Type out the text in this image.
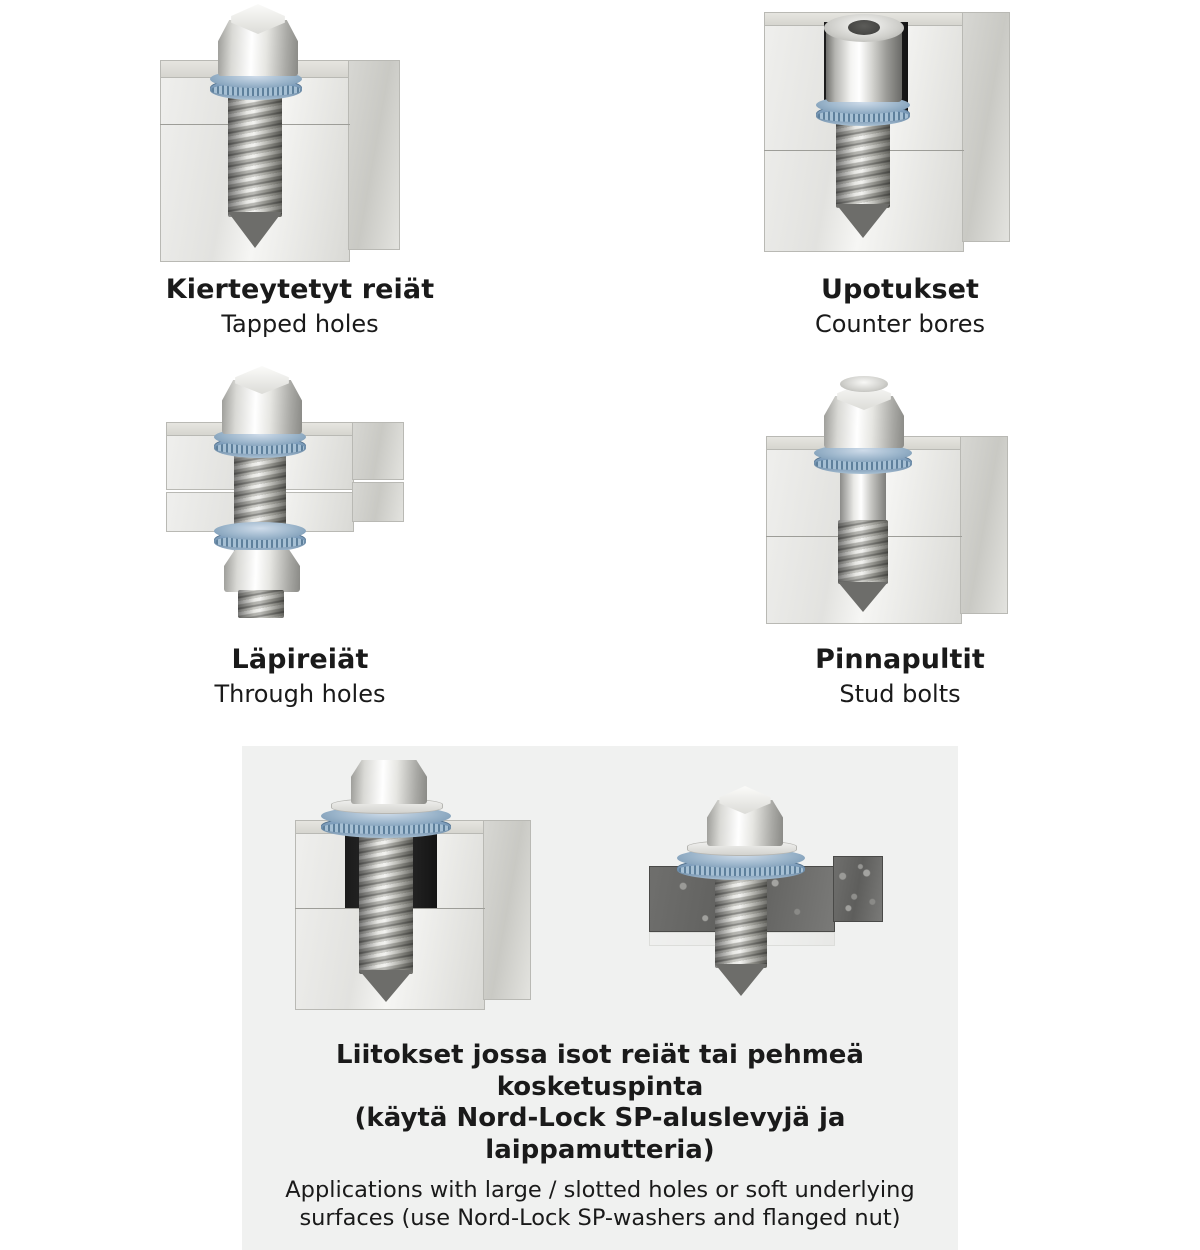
Kierteytetyt reiät
Tapped holes
Upotukset
Counter bores
Läpireiät
Through holes
Pinnapultit
Stud bolts
Liitokset jossa isot reiät tai pehmeä kosketuspinta
(käytä Nord-Lock SP-aluslevyjä ja laippamutteria)
Applications with large / slotted holes or soft underlying
surfaces (use Nord-Lock SP-washers and flanged nut)
